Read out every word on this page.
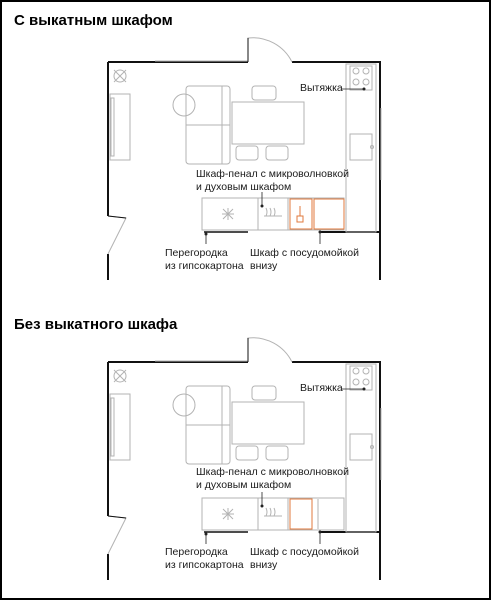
С выкатным шкафом
Без выкатного шкафа
Вытяжка
Шкаф-пенал с микроволновкой
и духовым шкафом
Перегородка
из гипсокартона
Шкаф с посудомойкой
внизу
Вытяжка
Шкаф-пенал с микроволновкой
и духовым шкафом
Перегородка
из гипсокартона
Шкаф с посудомойкой
внизу
